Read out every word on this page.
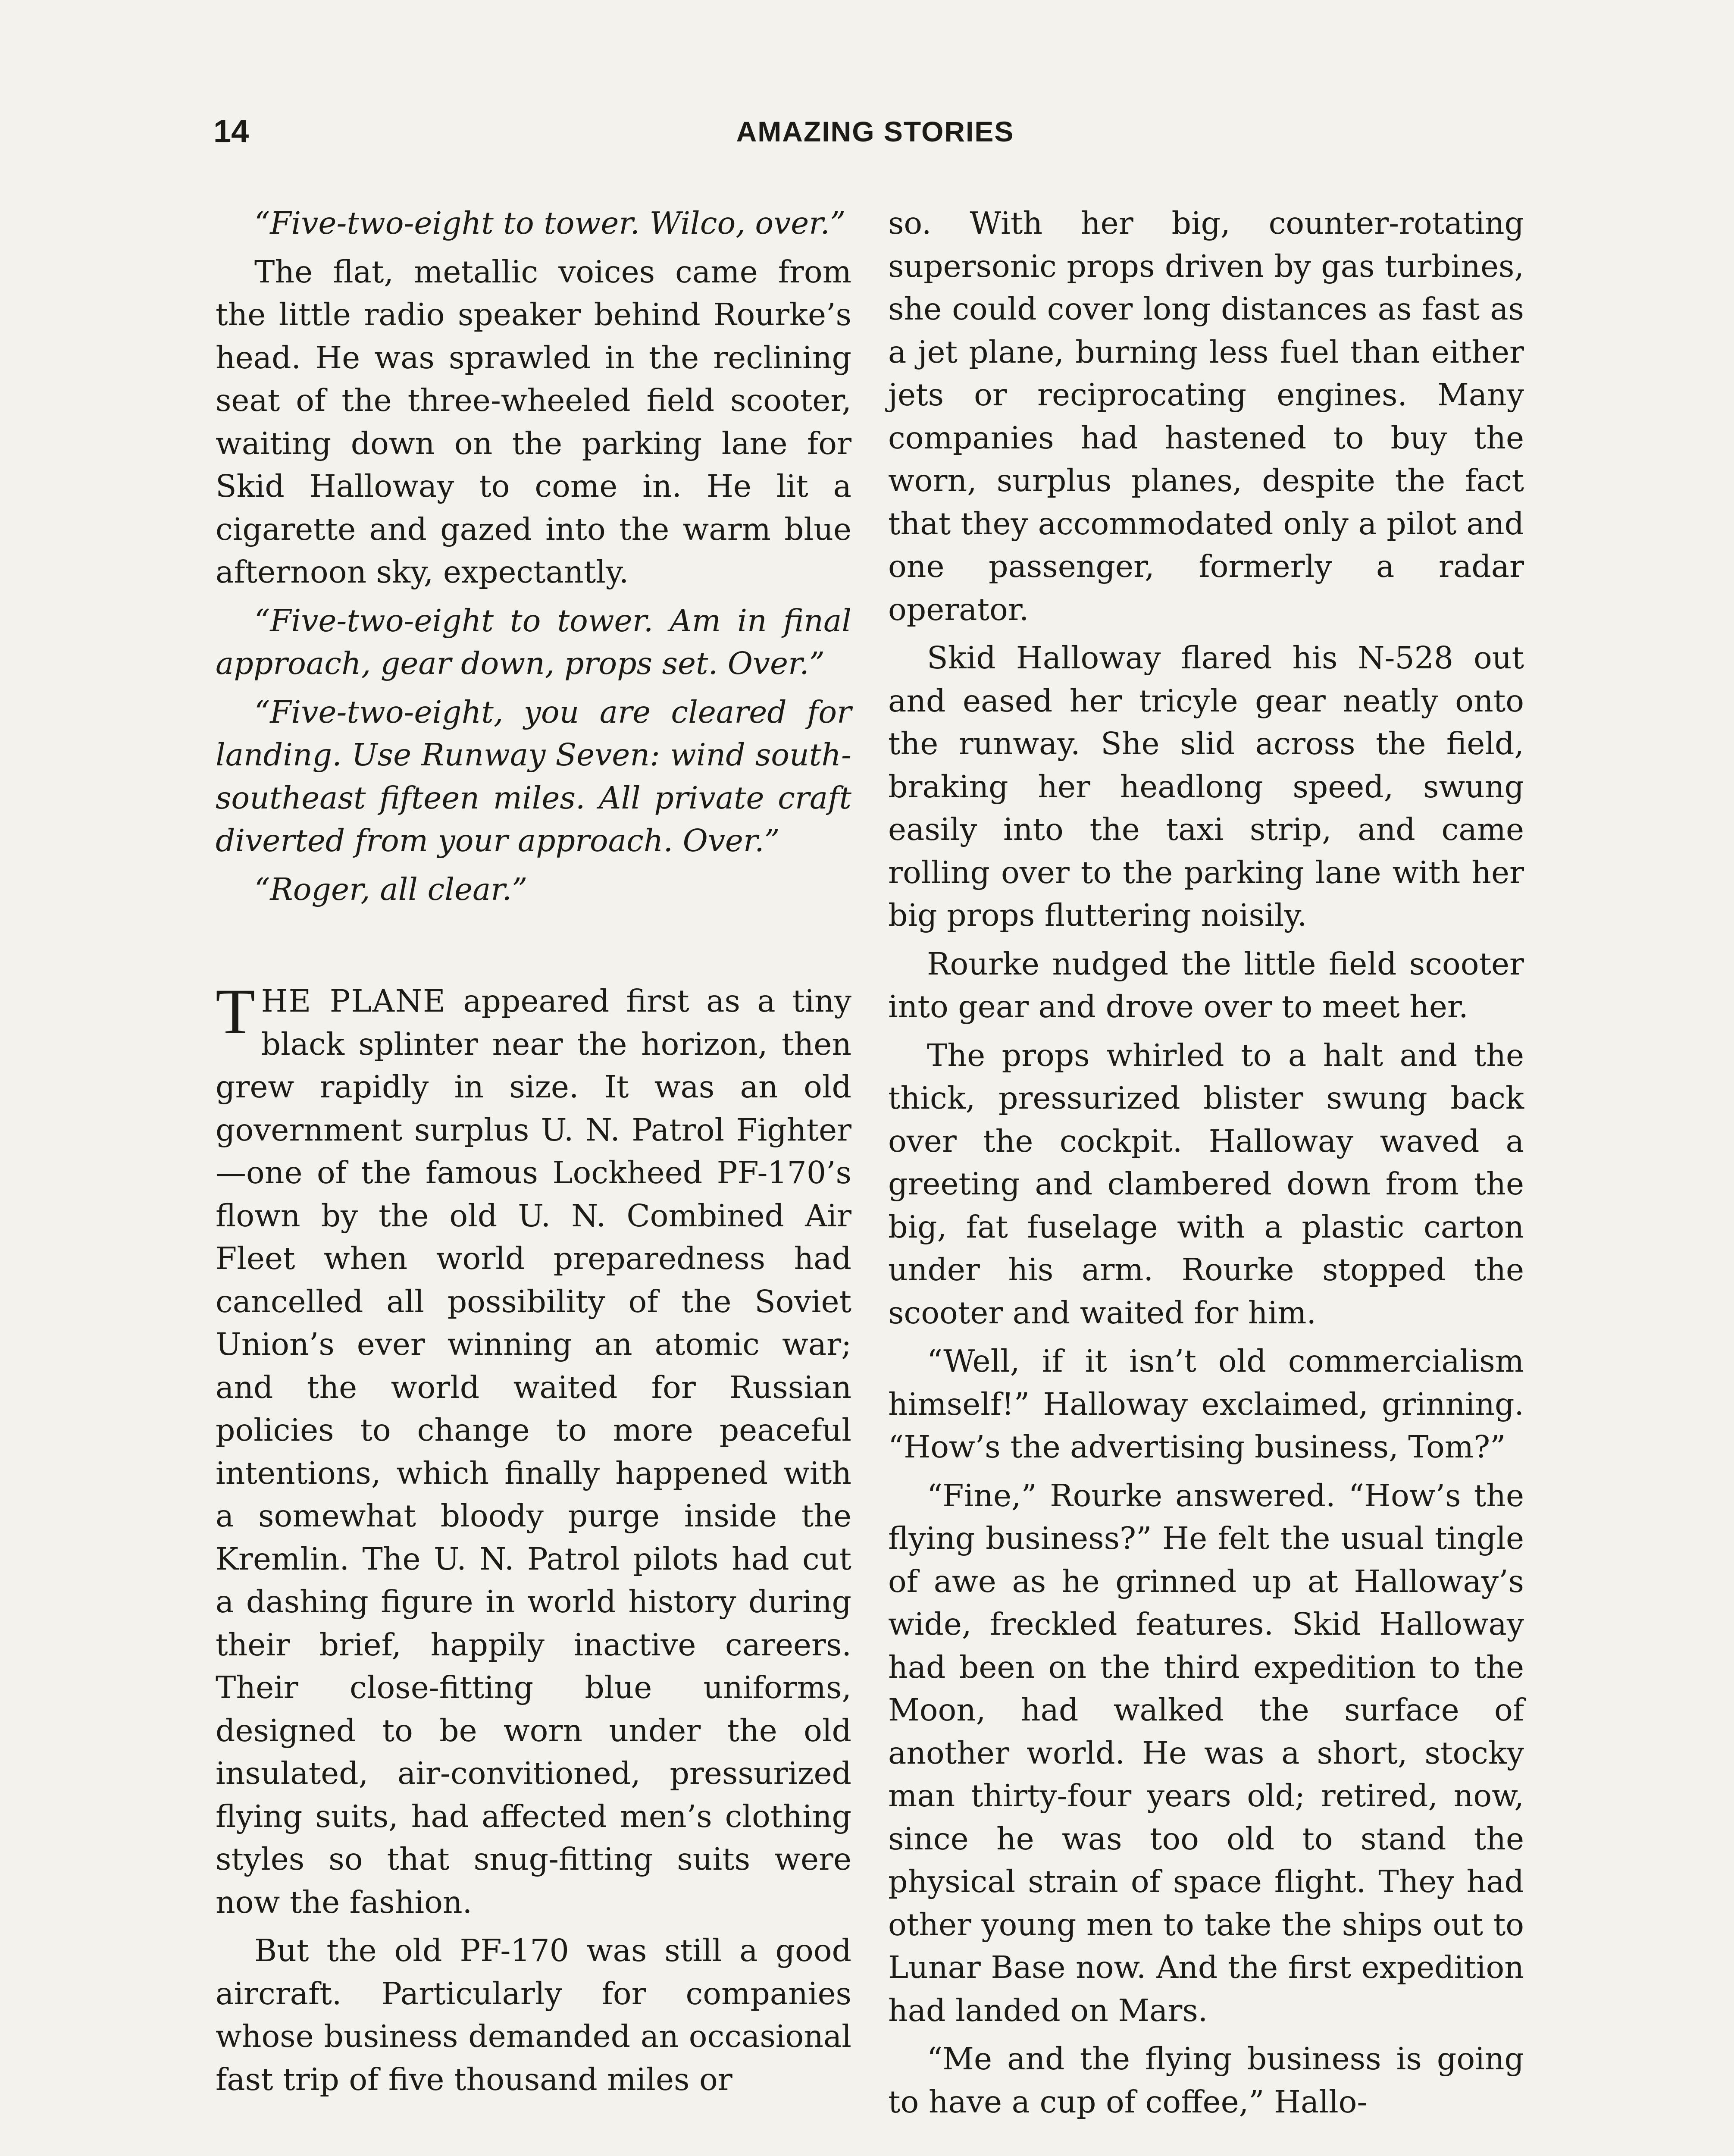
14	AMAZING STORIES

“Five-two-eight to tower. Wilco, over.”

The flat, metallic voices came from the little radio speaker behind Rourke’s head. He was sprawled in the reclining seat of the three-wheeled field scooter, waiting down on the parking lane for Skid Halloway to come in. He lit a cigarette and gazed into the warm blue afternoon sky, expectantly.

“Five-two-eight to tower. Am in final approach, gear down, props set. Over.”

“Five-two-eight, you are cleared for landing. Use Runway Seven: wind south-southeast fifteen miles. All private craft diverted from your approach. Over.”

“Roger, all clear.”

THE PLANE appeared first as a tiny black splinter near the horizon, then grew rapidly in size. It was an old government surplus U. N. Patrol Fighter—one of the famous Lockheed PF-170’s flown by the old U. N. Combined Air Fleet when world preparedness had cancelled all possibility of the Soviet Union’s ever winning an atomic war; and the world waited for Russian policies to change to more peaceful intentions, which finally happened with a somewhat bloody purge inside the Kremlin. The U. N. Patrol pilots had cut a dashing figure in world history during their brief, happily inactive careers. Their close-fitting blue uniforms, designed to be worn under the old insulated, air-convitioned, pressurized flying suits, had affected men’s clothing styles so that snug-fitting suits were now the fashion.

But the old PF-170 was still a good aircraft. Particularly for companies whose business demanded an occasional fast trip of five thousand miles or

so. With her big, counter-rotating supersonic props driven by gas turbines, she could cover long distances as fast as a jet plane, burning less fuel than either jets or reciprocating engines. Many companies had hastened to buy the worn, surplus planes, despite the fact that they accommodated only a pilot and one passenger, formerly a radar operator.

Skid Halloway flared his N-528 out and eased her tricyle gear neatly onto the runway. She slid across the field, braking her headlong speed, swung easily into the taxi strip, and came rolling over to the parking lane with her big props fluttering noisily.

Rourke nudged the little field scooter into gear and drove over to meet her.

The props whirled to a halt and the thick, pressurized blister swung back over the cockpit. Halloway waved a greeting and clambered down from the big, fat fuselage with a plastic carton under his arm. Rourke stopped the scooter and waited for him.

“Well, if it isn’t old commercialism himself!” Halloway exclaimed, grinning. “How’s the advertising business, Tom?”

“Fine,” Rourke answered. “How’s the flying business?” He felt the usual tingle of awe as he grinned up at Halloway’s wide, freckled features. Skid Halloway had been on the third expedition to the Moon, had walked the surface of another world. He was a short, stocky man thirty-four years old; retired, now, since he was too old to stand the physical strain of space flight. They had other young men to take the ships out to Lunar Base now. And the first expedition had landed on Mars.

“Me and the flying business is going to have a cup of coffee,” Hallo-
